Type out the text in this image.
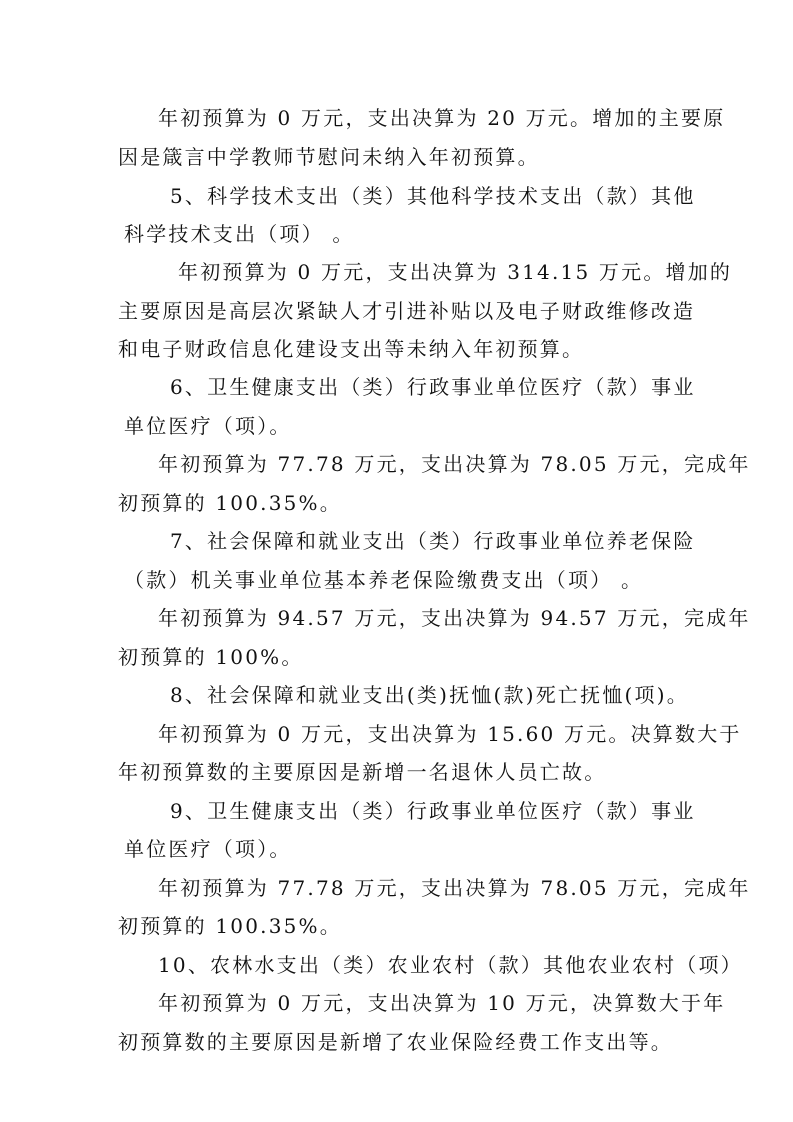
年初预算为 0 万元，支出决算为 20 万元。增加的主要原

因是箴言中学教师节慰问未纳入年初预算。

5、科学技术支出（类）其他科学技术支出（款）其他

科学技术支出（项） 。

年初预算为 0 万元，支出决算为 314.15 万元。增加的

主要原因是高层次紧缺人才引进补贴以及电子财政维修改造

和电子财政信息化建设支出等未纳入年初预算。

6、卫生健康支出（类）行政事业单位医疗（款）事业

单位医疗（项）。

年初预算为 77.78 万元，支出决算为 78.05 万元，完成年

初预算的 100.35%。

7、社会保障和就业支出（类）行政事业单位养老保险

（款）机关事业单位基本养老保险缴费支出（项） 。

年初预算为 94.57 万元，支出决算为 94.57 万元，完成年

初预算的 100%。

8、社会保障和就业支出(类)抚恤(款)死亡抚恤(项)。

年初预算为 0 万元，支出决算为 15.60 万元。决算数大于

年初预算数的主要原因是新增一名退休人员亡故。

9、卫生健康支出（类）行政事业单位医疗（款）事业

单位医疗（项）。

年初预算为 77.78 万元，支出决算为 78.05 万元，完成年

初预算的 100.35%。

10、农林水支出（类）农业农村（款）其他农业农村（项）

年初预算为 0 万元，支出决算为 10 万元，决算数大于年

初预算数的主要原因是新增了农业保险经费工作支出等。
